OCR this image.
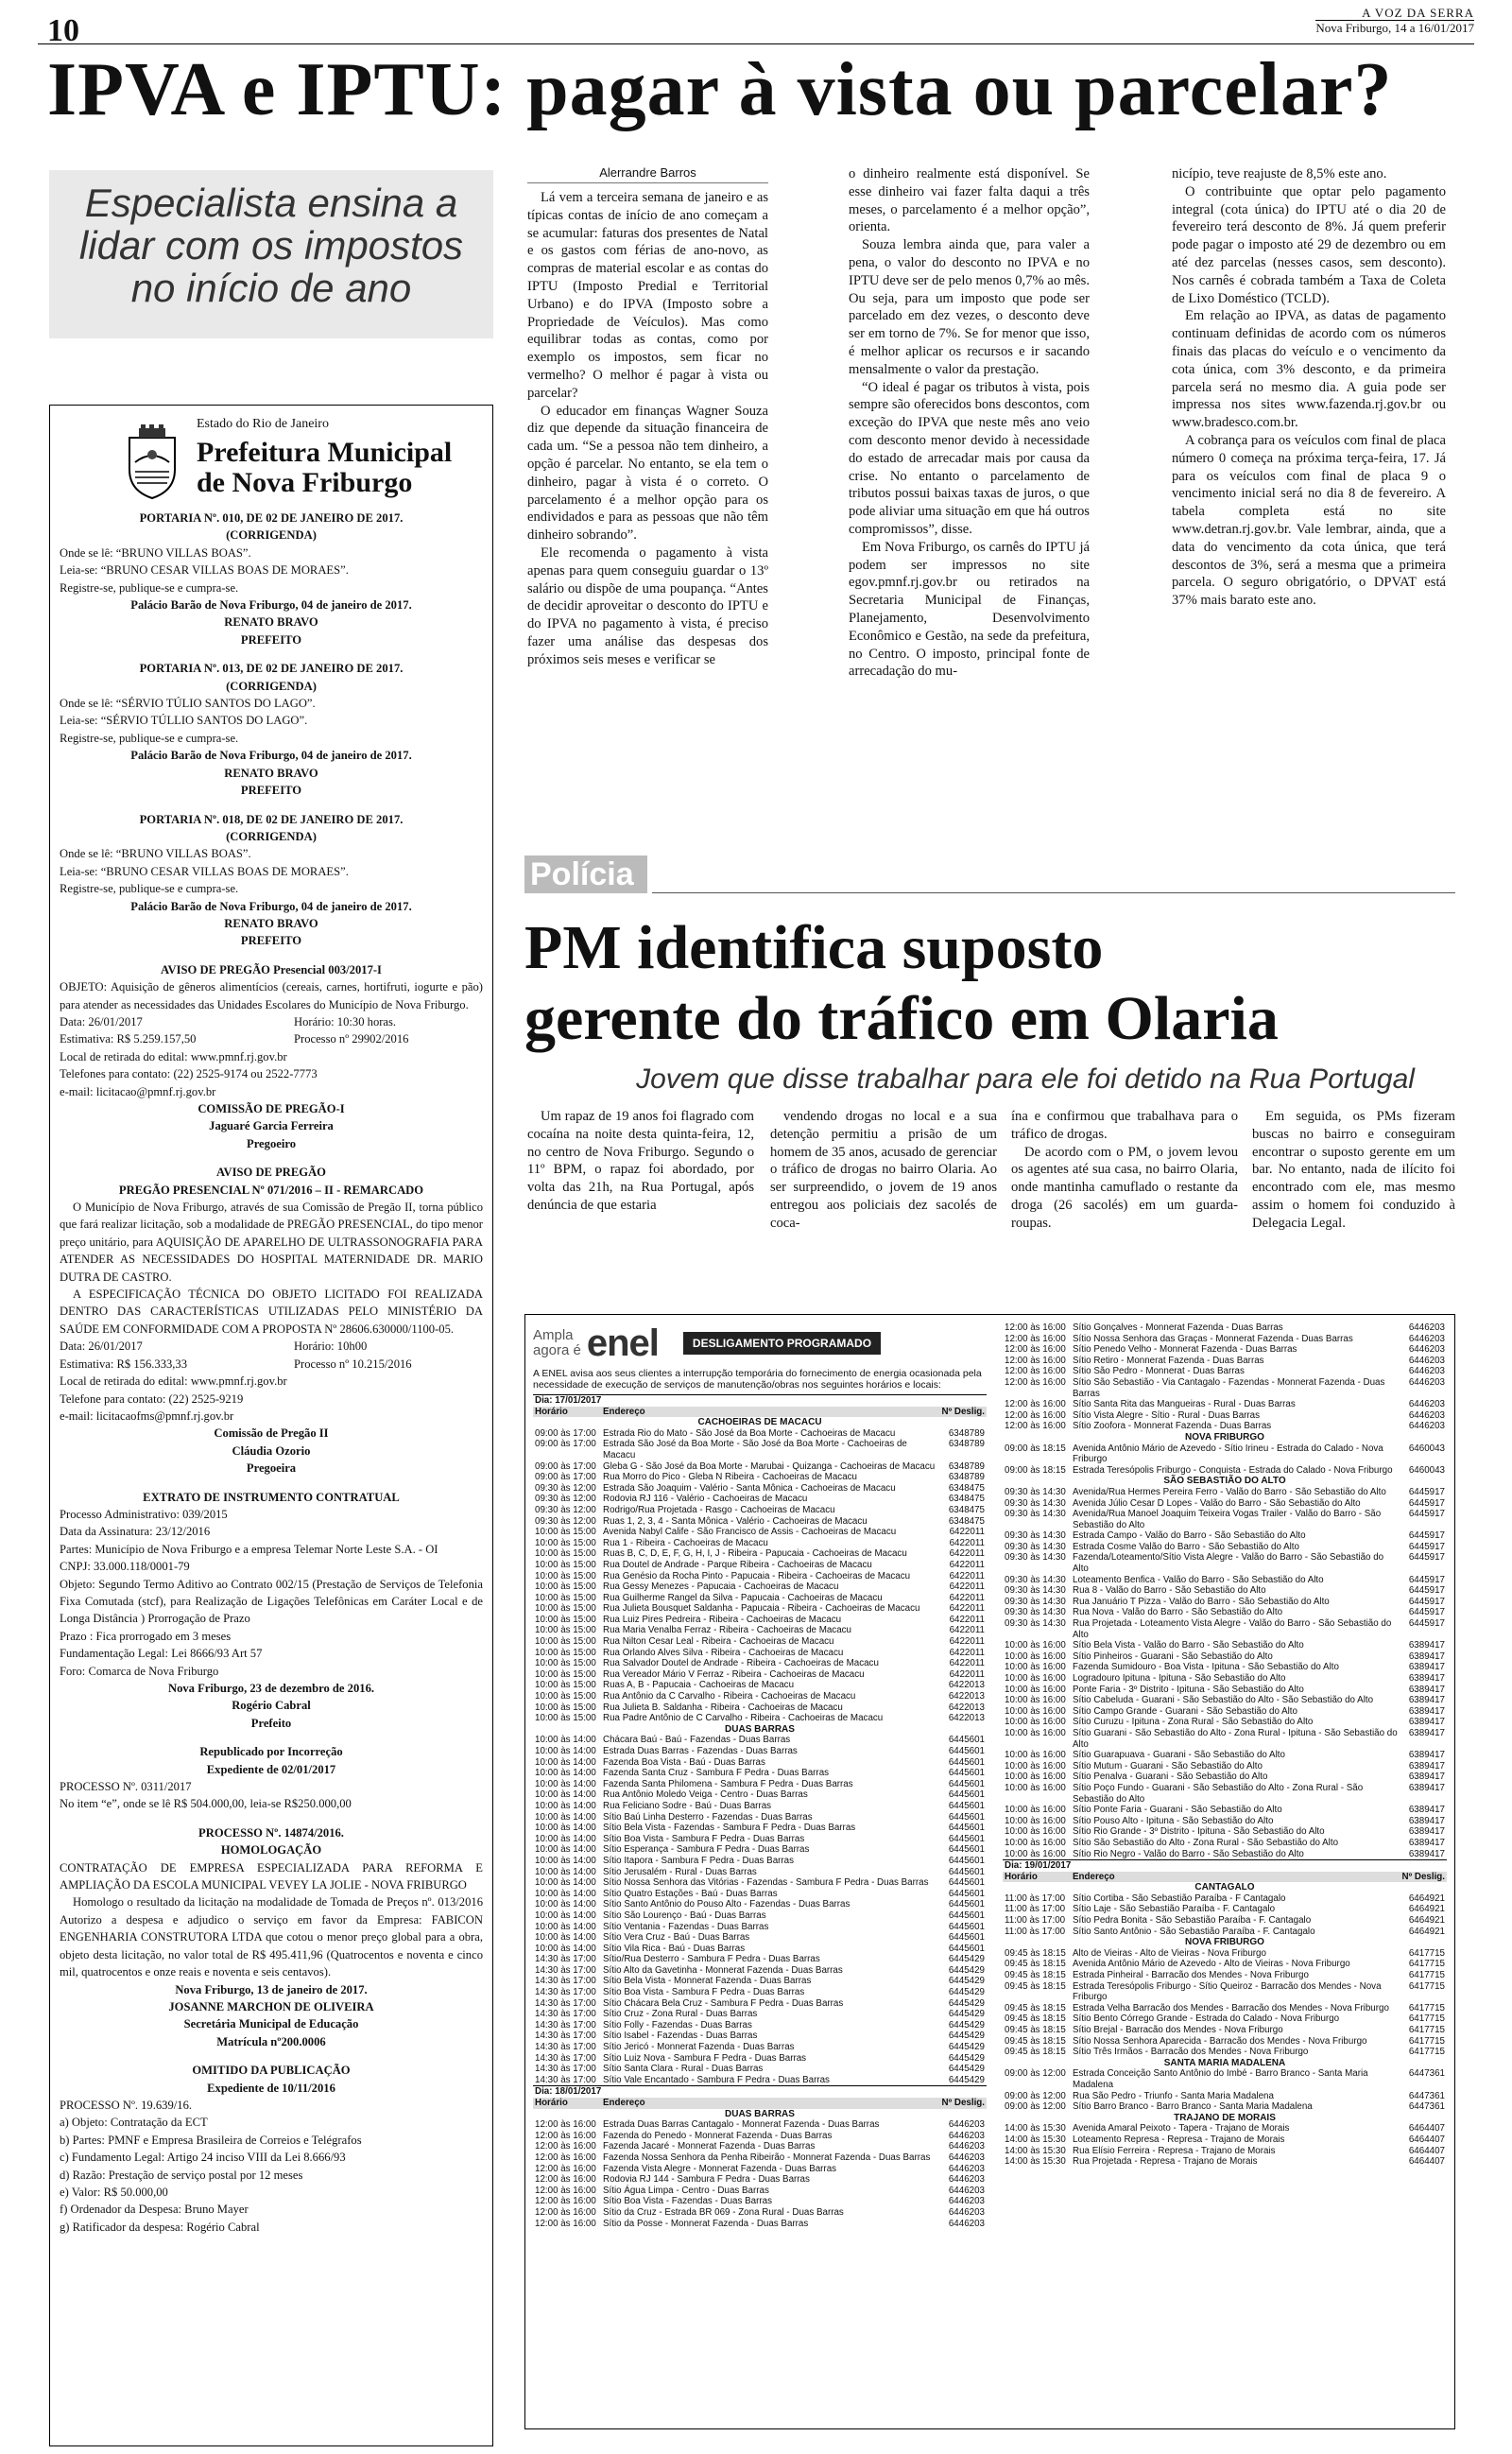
10
A VOZ DA SERRA
Nova Friburgo, 14 a 16/01/2017
IPVA e IPTU: pagar à vista ou parcelar?
Especialista ensina a
lidar com os impostos
no início de ano
Estado do Rio de Janeiro
Prefeitura Municipal
de Nova Friburgo

PORTARIA Nº. 010, DE 02 DE JANEIRO DE 2017.

(CORRIGENDA)

Onde se lê: “BRUNO VILLAS BOAS”.

Leia-se: “BRUNO CESAR VILLAS BOAS DE MORAES”.

Registre-se, publique-se e cumpra-se.

Palácio Barão de Nova Friburgo, 04 de janeiro de 2017.

RENATO BRAVO

PREFEITO

PORTARIA Nº. 013, DE 02 DE JANEIRO DE 2017.

(CORRIGENDA)

Onde se lê: “SÉRVIO TÚLIO SANTOS DO LAGO”.

Leia-se: “SÉRVIO TÚLLIO SANTOS DO LAGO”.

Registre-se, publique-se e cumpra-se.

Palácio Barão de Nova Friburgo, 04 de janeiro de 2017.

RENATO BRAVO

PREFEITO

PORTARIA Nº. 018, DE 02 DE JANEIRO DE 2017.

(CORRIGENDA)

Onde se lê: “BRUNO VILLAS BOAS”.

Leia-se: “BRUNO CESAR VILLAS BOAS DE MORAES”.

Registre-se, publique-se e cumpra-se.

Palácio Barão de Nova Friburgo, 04 de janeiro de 2017.

RENATO BRAVO

PREFEITO

AVISO DE PREGÃO Presencial 003/2017-I

OBJETO: Aquisição de gêneros alimentícios (cereais, carnes, hortifruti, iogurte e pão) para atender as necessidades das Unidades Escolares do Município de Nova Friburgo.

Data: 26/01/2017	Horário: 10:30 horas.

Estimativa: R$ 5.259.157,50	Processo nº 29902/2016

Local de retirada do edital: www.pmnf.rj.gov.br

Telefones para contato: (22) 2525-9174 ou 2522-7773

e-mail: licitacao@pmnf.rj.gov.br

COMISSÃO DE PREGÃO-I

Jaguaré Garcia Ferreira

Pregoeiro

AVISO DE PREGÃO

PREGÃO PRESENCIAL Nº 071/2016 – II - REMARCADO

O Município de Nova Friburgo, através de sua Comissão de Pregão II, torna público que fará realizar licitação, sob a modalidade de PREGÃO PRESENCIAL, do tipo menor preço unitário, para AQUISIÇÃO DE APARELHO DE ULTRASSONOGRAFIA PARA ATENDER AS NECESSIDADES DO HOSPITAL MATERNIDADE DR. MARIO DUTRA DE CASTRO.

A ESPECIFICAÇÃO TÉCNICA DO OBJETO LICITADO FOI REALIZADA DENTRO DAS CARACTERÍSTICAS UTILIZADAS PELO MINISTÉRIO DA SAÚDE EM CONFORMIDADE COM A PROPOSTA Nº 28606.630000/1100-05.

Data: 26/01/2017	Horário: 10h00

Estimativa: R$ 156.333,33	Processo nº 10.215/2016

Local de retirada do edital: www.pmnf.rj.gov.br

Telefone para contato: (22) 2525-9219

e-mail: licitacaofms@pmnf.rj.gov.br

Comissão de Pregão II

Cláudia Ozorio

Pregoeira

EXTRATO DE INSTRUMENTO CONTRATUAL

Processo Administrativo: 039/2015

Data da Assinatura: 23/12/2016

Partes: Município de Nova Friburgo e a empresa Telemar Norte Leste S.A. - OI

CNPJ: 33.000.118/0001-79

Objeto: Segundo Termo Aditivo ao Contrato 002/15 (Prestação de Serviços de Telefonia Fixa Comutada (stcf), para Realização de Ligações Telefônicas em Caráter Local e de Longa Distância ) Prorrogação de Prazo

Prazo : Fica prorrogado em 3 meses

Fundamentação Legal: Lei 8666/93 Art 57

Foro: Comarca de Nova Friburgo

Nova Friburgo, 23 de dezembro de 2016.

Rogério Cabral

Prefeito

Republicado por Incorreção

Expediente de 02/01/2017

PROCESSO Nº. 0311/2017

No item “e”, onde se lê R$ 504.000,00, leia-se R$250.000,00

PROCESSO Nº. 14874/2016.

HOMOLOGAÇÃO

CONTRATAÇÃO DE EMPRESA ESPECIALIZADA PARA REFORMA E AMPLIAÇÃO DA ESCOLA MUNICIPAL VEVEY LA JOLIE - NOVA FRIBURGO

Homologo o resultado da licitação na modalidade de Tomada de Preços nº. 013/2016 Autorizo a despesa e adjudico o serviço em favor da Empresa: FABICON ENGENHARIA CONSTRUTORA LTDA que cotou o menor preço global para a obra, objeto desta licitação, no valor total de R$ 495.411,96 (Quatrocentos e noventa e cinco mil, quatrocentos e onze reais e noventa e seis centavos).

Nova Friburgo, 13 de janeiro de 2017.

JOSANNE MARCHON DE OLIVEIRA

Secretária Municipal de Educação

Matrícula nº200.0006

OMITIDO DA PUBLICAÇÃO

Expediente de 10/11/2016

PROCESSO Nº. 19.639/16.

a) Objeto: Contratação da ECT

b) Partes: PMNF e Empresa Brasileira de Correios e Telégrafos

c) Fundamento Legal: Artigo 24 inciso VIII da Lei 8.666/93

d) Razão: Prestação de serviço postal por 12 meses

e) Valor: R$ 50.000,00

f) Ordenador da Despesa: Bruno Mayer

g) Ratificador da despesa: Rogério Cabral

Alerrandre Barros

Lá vem a terceira semana de janeiro e as típicas contas de início de ano começam a se acumular: faturas dos presentes de Natal e os gastos com férias de ano-novo, as compras de material escolar e as contas do IPTU (Imposto Predial e Territorial Urbano) e do IPVA (Imposto sobre a Propriedade de Veículos). Mas como equilibrar todas as contas, como por exemplo os impostos, sem ficar no vermelho? O melhor é pagar à vista ou parcelar?

O educador em finanças Wagner Souza diz que depende da situação financeira de cada um. “Se a pessoa não tem dinheiro, a opção é parcelar. No entanto, se ela tem o dinheiro, pagar à vista é o correto. O parcelamento é a melhor opção para os endividados e para as pessoas que não têm dinheiro sobrando”.

Ele recomenda o pagamento à vista apenas para quem conseguiu guardar o 13º salário ou dispõe de uma poupança. “Antes de decidir aproveitar o desconto do IPTU e do IPVA no pagamento à vista, é preciso fazer uma análise das despesas dos próximos seis meses e verificar se

o dinheiro realmente está disponível. Se esse dinheiro vai fazer falta daqui a três meses, o parcelamento é a melhor opção”, orienta.

Souza lembra ainda que, para valer a pena, o valor do desconto no IPVA e no IPTU deve ser de pelo menos 0,7% ao mês. Ou seja, para um imposto que pode ser parcelado em dez vezes, o desconto deve ser em torno de 7%. Se for menor que isso, é melhor aplicar os recursos e ir sacando mensalmente o valor da prestação.

“O ideal é pagar os tributos à vista, pois sempre são oferecidos bons descontos, com exceção do IPVA que neste mês ano veio com desconto menor devido à necessidade do estado de arrecadar mais por causa da crise. No entanto o parcelamento de tributos possui baixas taxas de juros, o que pode aliviar uma situação em que há outros compromissos”, disse.

Em Nova Friburgo, os carnês do IPTU já podem ser impressos no site egov.pmnf.rj.gov.br ou retirados na Secretaria Municipal de Finanças, Planejamento, Desenvolvimento Econômico e Gestão, na sede da prefeitura, no Centro. O imposto, principal fonte de arrecadação do mu-

nicípio, teve reajuste de 8,5% este ano.

O contribuinte que optar pelo pagamento integral (cota única) do IPTU até o dia 20 de fevereiro terá desconto de 8%. Já quem preferir pode pagar o imposto até 29 de dezembro ou em até dez parcelas (nesses casos, sem desconto). Nos carnês é cobrada também a Taxa de Coleta de Lixo Doméstico (TCLD).

Em relação ao IPVA, as datas de pagamento continuam definidas de acordo com os números finais das placas do veículo e o vencimento da cota única, com 3% desconto, e da primeira parcela será no mesmo dia. A guia pode ser impressa nos sites www.fazenda.rj.gov.br ou www.bradesco.com.br.

A cobrança para os veículos com final de placa número 0 começa na próxima terça-feira, 17. Já para os veículos com final de placa 9 o vencimento inicial será no dia 8 de fevereiro. A tabela completa está no site www.detran.rj.gov.br. Vale lembrar, ainda, que a data do vencimento da cota única, que terá descontos de 3%, será a mesma que a primeira parcela. O seguro obrigatório, o DPVAT está 37% mais barato este ano.

Polícia
PM identifica suposto
gerente do tráfico em Olaria
Jovem que disse trabalhar para ele foi detido na Rua Portugal

Um rapaz de 19 anos foi flagrado com cocaína na noite desta quinta-feira, 12, no centro de Nova Friburgo. Segundo o 11º BPM, o rapaz foi abordado, por volta das 21h, na Rua Portugal, após denúncia de que estaria

vendendo drogas no local e a sua detenção permitiu a prisão de um homem de 35 anos, acusado de gerenciar o tráfico de drogas no bairro Olaria. Ao ser surpreendido, o jovem de 19 anos entregou aos policiais dez sacolés de coca-

ína e confirmou que trabalhava para o tráfico de drogas.

De acordo com o PM, o jovem levou os agentes até sua casa, no bairro Olaria, onde mantinha camuflado o restante da droga (26 sacolés) em um guarda-roupas.

Em seguida, os PMs fizeram buscas no bairro e conseguiram encontrar o suposto gerente em um bar. No entanto, nada de ilícito foi encontrado com ele, mas mesmo assim o homem foi conduzido à Delegacia Legal.

Ampla
agora é enel	DESLIGAMENTO PROGRAMADO
A ENEL avisa aos seus clientes a interrupção temporária do fornecimento de energia ocasionada pela necessidade de execução de serviços de manutenção/obras nos seguintes horários e locais:
Dia: 17/01/2017		
Horário	Endereço	Nº Deslig.
CACHOEIRAS DE MACACU		
09:00 às 17:00	Estrada Rio do Mato - São José da Boa Morte - Cachoeiras de Macacu	6348789
09:00 às 17:00	Estrada São José da Boa Morte - São José da Boa Morte - Cachoeiras de Macacu	6348789
09:00 às 17:00	Gleba G - São José da Boa Morte - Marubai - Quizanga - Cachoeiras de Macacu	6348789
09:00 às 17:00	Rua Morro do Pico - Gleba N Ribeira - Cachoeiras de Macacu	6348789
09:30 às 12:00	Estrada São Joaquim - Valério - Santa Mônica - Cachoeiras de Macacu	6348475
09:30 às 12:00	Rodovia RJ 116 - Valério - Cachoeiras de Macacu	6348475
09:30 às 12:00	Rodrigo/Rua Projetada - Rasgo - Cachoeiras de Macacu	6348475
09:30 às 12:00	Ruas 1, 2, 3, 4 - Santa Mônica - Valério - Cachoeiras de Macacu	6348475
10:00 às 15:00	Avenida Nabyl Calife - São Francisco de Assis - Cachoeiras de Macacu	6422011
10:00 às 15:00	Rua 1 - Ribeira - Cachoeiras de Macacu	6422011
10:00 às 15:00	Ruas B, C, D, E, F, G, H, I, J - Ribeira - Papucaia - Cachoeiras de Macacu	6422011
10:00 às 15:00	Rua Doutel de Andrade - Parque Ribeira - Cachoeiras de Macacu	6422011
10:00 às 15:00	Rua Genésio da Rocha Pinto - Papucaia - Ribeira - Cachoeiras de Macacu	6422011
10:00 às 15:00	Rua Gessy Menezes - Papucaia - Cachoeiras de Macacu	6422011
10:00 às 15:00	Rua Guilherme Rangel da Silva - Papucaia - Cachoeiras de Macacu	6422011
10:00 às 15:00	Rua Julieta Bousquet Saldanha - Papucaia - Ribeira - Cachoeiras de Macacu	6422011
10:00 às 15:00	Rua Luiz Pires Pedreira - Ribeira - Cachoeiras de Macacu	6422011
10:00 às 15:00	Rua Maria Venalba Ferraz - Ribeira - Cachoeiras de Macacu	6422011
10:00 às 15:00	Rua Nilton Cesar Leal - Ribeira - Cachoeiras de Macacu	6422011
10:00 às 15:00	Rua Orlando Alves Silva - Ribeira - Cachoeiras de Macacu	6422011
10:00 às 15:00	Rua Salvador Doutel de Andrade - Ribeira - Cachoeiras de Macacu	6422011
10:00 às 15:00	Rua Vereador Mário V Ferraz - Ribeira - Cachoeiras de Macacu	6422011
10:00 às 15:00	Ruas A, B - Papucaia - Cachoeiras de Macacu	6422013
10:00 às 15:00	Rua Antônio da C Carvalho - Ribeira - Cachoeiras de Macacu	6422013
10:00 às 15:00	Rua Julieta B. Saldanha - Ribeira - Cachoeiras de Macacu	6422013
10:00 às 15:00	Rua Padre Antônio de C Carvalho - Ribeira - Cachoeiras de Macacu	6422013
DUAS BARRAS		
10:00 às 14:00	Chácara Baú - Baú - Fazendas - Duas Barras	6445601
10:00 às 14:00	Estrada Duas Barras - Fazendas - Duas Barras	6445601
10:00 às 14:00	Fazenda Boa Vista - Baú - Duas Barras	6445601
10:00 às 14:00	Fazenda Santa Cruz - Sambura F Pedra - Duas Barras	6445601
10:00 às 14:00	Fazenda Santa Philomena - Sambura F Pedra - Duas Barras	6445601
10:00 às 14:00	Rua Antônio Moledo Veiga - Centro - Duas Barras	6445601
10:00 às 14:00	Rua Feliciano Sodre - Baú - Duas Barras	6445601
10:00 às 14:00	Sítio Baú Linha Desterro - Fazendas - Duas Barras	6445601
10:00 às 14:00	Sítio Bela Vista - Fazendas - Sambura F Pedra - Duas Barras	6445601
10:00 às 14:00	Sítio Boa Vista - Sambura F Pedra - Duas Barras	6445601
10:00 às 14:00	Sítio Esperança - Sambura F Pedra - Duas Barras	6445601
10:00 às 14:00	Sítio Itapora - Sambura F Pedra - Duas Barras	6445601
10:00 às 14:00	Sítio Jerusalém - Rural - Duas Barras	6445601
10:00 às 14:00	Sítio Nossa Senhora das Vitórias - Fazendas - Sambura F Pedra - Duas Barras	6445601
10:00 às 14:00	Sítio Quatro Estações - Baú - Duas Barras	6445601
10:00 às 14:00	Sítio Santo Antônio do Pouso Alto - Fazendas - Duas Barras	6445601
10:00 às 14:00	Sítio São Lourenço - Baú - Duas Barras	6445601
10:00 às 14:00	Sítio Ventania - Fazendas - Duas Barras	6445601
10:00 às 14:00	Sítio Vera Cruz - Baú - Duas Barras	6445601
10:00 às 14:00	Sítio Vila Rica - Baú - Duas Barras	6445601
14:30 às 17:00	Sítio/Rua Desterro - Sambura F Pedra - Duas Barras	6445429
14:30 às 17:00	Sítio Alto da Gavetinha - Monnerat Fazenda - Duas Barras	6445429
14:30 às 17:00	Sítio Bela Vista - Monnerat Fazenda - Duas Barras	6445429
14:30 às 17:00	Sítio Boa Vista - Sambura F Pedra - Duas Barras	6445429
14:30 às 17:00	Sítio Chácara Bela Cruz - Sambura F Pedra - Duas Barras	6445429
14:30 às 17:00	Sítio Cruz - Zona Rural - Duas Barras	6445429
14:30 às 17:00	Sítio Folly - Fazendas - Duas Barras	6445429
14:30 às 17:00	Sítio Isabel - Fazendas - Duas Barras	6445429
14:30 às 17:00	Sítio Jericó - Monnerat Fazenda - Duas Barras	6445429
14:30 às 17:00	Sítio Luiz Nova - Sambura F Pedra - Duas Barras	6445429
14:30 às 17:00	Sítio Santa Clara - Rural - Duas Barras	6445429
14:30 às 17:00	Sítio Vale Encantado - Sambura F Pedra - Duas Barras	6445429
Dia: 18/01/2017		
Horário	Endereço	Nº Deslig.
DUAS BARRAS		
12:00 às 16:00	Estrada Duas Barras Cantagalo - Monnerat Fazenda - Duas Barras	6446203
12:00 às 16:00	Fazenda do Penedo - Monnerat Fazenda - Duas Barras	6446203
12:00 às 16:00	Fazenda Jacaré - Monnerat Fazenda - Duas Barras	6446203
12:00 às 16:00	Fazenda Nossa Senhora da Penha Ribeirão - Monnerat Fazenda - Duas Barras	6446203
12:00 às 16:00	Fazenda Vista Alegre - Monnerat Fazenda - Duas Barras	6446203
12:00 às 16:00	Rodovia RJ 144 - Sambura F Pedra - Duas Barras	6446203
12:00 às 16:00	Sítio Água Limpa - Centro - Duas Barras	6446203
12:00 às 16:00	Sítio Boa Vista - Fazendas - Duas Barras	6446203
12:00 às 16:00	Sítio da Cruz - Estrada BR 069 - Zona Rural - Duas Barras	6446203
12:00 às 16:00	Sítio da Posse - Monnerat Fazenda - Duas Barras	6446203
12:00 às 16:00	Sítio Gonçalves - Monnerat Fazenda - Duas Barras	6446203
12:00 às 16:00	Sítio Nossa Senhora das Graças - Monnerat Fazenda - Duas Barras	6446203
12:00 às 16:00	Sítio Penedo Velho - Monnerat Fazenda - Duas Barras	6446203
12:00 às 16:00	Sítio Retiro - Monnerat Fazenda - Duas Barras	6446203
12:00 às 16:00	Sítio São Pedro - Monnerat - Duas Barras	6446203
12:00 às 16:00	Sítio São Sebastião - Via Cantagalo - Fazendas - Monnerat Fazenda - Duas Barras	6446203
12:00 às 16:00	Sítio Santa Rita das Mangueiras - Rural - Duas Barras	6446203
12:00 às 16:00	Sítio Vista Alegre - Sítio - Rural - Duas Barras	6446203
12:00 às 16:00	Sítio Zoofora - Monnerat Fazenda - Duas Barras	6446203
NOVA FRIBURGO		
09:00 às 18:15	Avenida Antônio Mário de Azevedo - Sítio Irineu - Estrada do Calado - Nova Friburgo	6460043
09:00 às 18:15	Estrada Teresópolis Friburgo - Conquista - Estrada do Calado - Nova Friburgo	6460043
SÃO SEBASTIÃO DO ALTO		
09:30 às 14:30	Avenida/Rua Hermes Pereira Ferro - Valão do Barro - São Sebastião do Alto	6445917
09:30 às 14:30	Avenida Júlio Cesar D Lopes - Valão do Barro - São Sebastião do Alto	6445917
09:30 às 14:30	Avenida/Rua Manoel Joaquim Teixeira Vogas Trailer - Valão do Barro - São Sebastião do Alto	6445917
09:30 às 14:30	Estrada Campo - Valão do Barro - São Sebastião do Alto	6445917
09:30 às 14:30	Estrada Cosme Valão do Barro - São Sebastião do Alto	6445917
09:30 às 14:30	Fazenda/Loteamento/Sítio Vista Alegre - Valão do Barro - São Sebastião do Alto	6445917
09:30 às 14:30	Loteamento Benfica - Valão do Barro - São Sebastião do Alto	6445917
09:30 às 14:30	Rua 8 - Valão do Barro - São Sebastião do Alto	6445917
09:30 às 14:30	Rua Januário T Pizza - Valão do Barro - São Sebastião do Alto	6445917
09:30 às 14:30	Rua Nova - Valão do Barro - São Sebastião do Alto	6445917
09:30 às 14:30	Rua Projetada - Loteamento Vista Alegre - Valão do Barro - São Sebastião do Alto	6445917
10:00 às 16:00	Sítio Bela Vista - Valão do Barro - São Sebastião do Alto	6389417
10:00 às 16:00	Sítio Pinheiros - Guarani - São Sebastião do Alto	6389417
10:00 às 16:00	Fazenda Sumidouro - Boa Vista - Ipituna - São Sebastião do Alto	6389417
10:00 às 16:00	Logradouro Ipituna - Ipituna - São Sebastião do Alto	6389417
10:00 às 16:00	Ponte Faria - 3º Distrito - Ipituna - São Sebastião do Alto	6389417
10:00 às 16:00	Sítio Cabeluda - Guarani - São Sebastião do Alto - São Sebastião do Alto	6389417
10:00 às 16:00	Sítio Campo Grande - Guarani - São Sebastião do Alto	6389417
10:00 às 16:00	Sítio Curuzu - Ipituna - Zona Rural - São Sebastião do Alto	6389417
10:00 às 16:00	Sítio Guarani - São Sebastião do Alto - Zona Rural - Ipituna - São Sebastião do Alto	6389417
10:00 às 16:00	Sítio Guarapuava - Guarani - São Sebastião do Alto	6389417
10:00 às 16:00	Sítio Mutum - Guarani - São Sebastião do Alto	6389417
10:00 às 16:00	Sítio Penalva - Guarani - São Sebastião do Alto	6389417
10:00 às 16:00	Sítio Poço Fundo - Guarani - São Sebastião do Alto - Zona Rural - São Sebastião do Alto	6389417
10:00 às 16:00	Sítio Ponte Faria - Guarani - São Sebastião do Alto	6389417
10:00 às 16:00	Sítio Pouso Alto - Ipituna - São Sebastião do Alto	6389417
10:00 às 16:00	Sítio Rio Grande - 3º Distrito - Ipituna - São Sebastião do Alto	6389417
10:00 às 16:00	Sítio São Sebastião do Alto - Zona Rural - São Sebastião do Alto	6389417
10:00 às 16:00	Sítio Rio Negro - Valão do Barro - São Sebastião do Alto	6389417
Dia: 19/01/2017		
Horário	Endereço	Nº Deslig.
CANTAGALO		
11:00 às 17:00	Sítio Cortiba - São Sebastião Paraíba - F Cantagalo	6464921
11:00 às 17:00	Sítio Laje - São Sebastião Paraíba - F. Cantagalo	6464921
11:00 às 17:00	Sítio Pedra Bonita - São Sebastião Paraíba - F. Cantagalo	6464921
11:00 às 17:00	Sítio Santo Antônio - São Sebastião Paraíba - F. Cantagalo	6464921
NOVA FRIBURGO		
09:45 às 18:15	Alto de Vieiras - Alto de Vieiras - Nova Friburgo	6417715
09:45 às 18:15	Avenida Antônio Mário de Azevedo - Alto de Vieiras - Nova Friburgo	6417715
09:45 às 18:15	Estrada Pinheiral - Barracão dos Mendes - Nova Friburgo	6417715
09:45 às 18:15	Estrada Teresópolis Friburgo - Sítio Queiroz - Barracão dos Mendes - Nova Friburgo	6417715
09:45 às 18:15	Estrada Velha Barracão dos Mendes - Barracão dos Mendes - Nova Friburgo	6417715
09:45 às 18:15	Sítio Bento Córrego Grande - Estrada do Calado - Nova Friburgo	6417715
09:45 às 18:15	Sítio Brejal - Barracão dos Mendes - Nova Friburgo	6417715
09:45 às 18:15	Sítio Nossa Senhora Aparecida - Barracão dos Mendes - Nova Friburgo	6417715
09:45 às 18:15	Sítio Três Irmãos - Barracão dos Mendes - Nova Friburgo	6417715
SANTA MARIA MADALENA		
09:00 às 12:00	Estrada Conceição Santo Antônio do Imbé - Barro Branco - Santa Maria Madalena	6447361
09:00 às 12:00	Rua São Pedro - Triunfo - Santa Maria Madalena	6447361
09:00 às 12:00	Sítio Barro Branco - Barro Branco - Santa Maria Madalena	6447361
TRAJANO DE MORAIS		
14:00 às 15:30	Avenida Amaral Peixoto - Tapera - Trajano de Morais	6464407
14:00 às 15:30	Loteamento Represa - Represa - Trajano de Morais	6464407
14:00 às 15:30	Rua Elísio Ferreira - Represa - Trajano de Morais	6464407
14:00 às 15:30	Rua Projetada - Represa - Trajano de Morais	6464407
